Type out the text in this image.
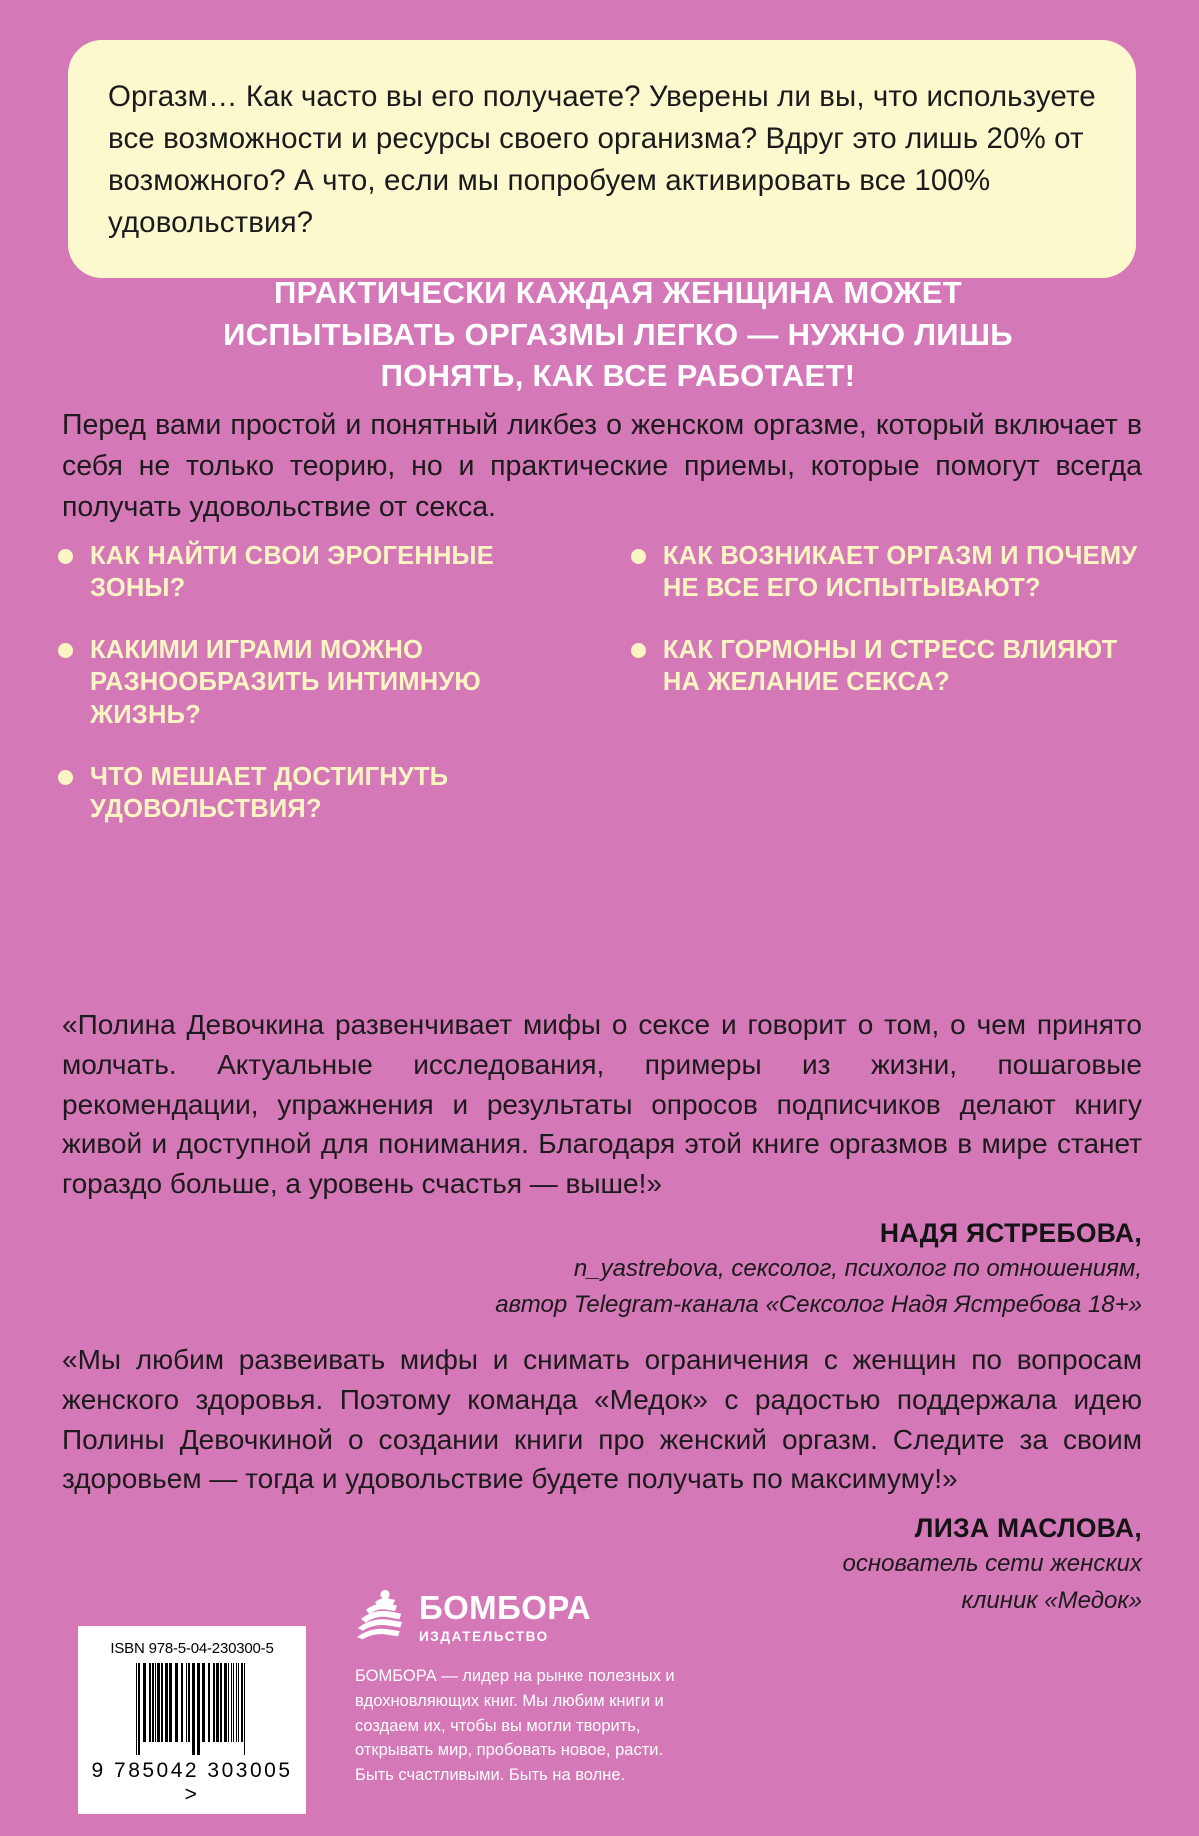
Оргазм… Как часто вы его получаете? Уверены ли вы, что используете все возможности и ресурсы своего организма? Вдруг это лишь 20% от возможного? А что, если мы попробуем активировать все 100% удовольствия?
ПРАКТИЧЕСКИ КАЖДАЯ ЖЕНЩИНА МОЖЕТ
ИСПЫТЫВАТЬ ОРГАЗМЫ ЛЕГКО — НУЖНО ЛИШЬ
ПОНЯТЬ, КАК ВСЕ РАБОТАЕТ!
Перед вами простой и понятный ликбез о женском оргазме, который включает в себя не только теорию, но и практические приемы, которые помогут всегда получать удовольствие от секса.
КАК НАЙТИ СВОИ ЭРОГЕННЫЕ ЗОНЫ?
КАКИМИ ИГРАМИ МОЖНО РАЗНООБРАЗИТЬ ИНТИМНУЮ ЖИЗНЬ?
ЧТО МЕШАЕТ ДОСТИГНУТЬ УДОВОЛЬСТВИЯ?
КАК ВОЗНИКАЕТ ОРГАЗМ И ПОЧЕМУ НЕ ВСЕ ЕГО ИСПЫТЫВАЮТ?
КАК ГОРМОНЫ И СТРЕСС ВЛИЯЮТ НА ЖЕЛАНИЕ СЕКСА?
«Полина Девочкина развенчивает мифы о сексе и говорит о том, о чем принято молчать. Актуальные исследования, примеры из жизни, пошаговые рекомендации, упражнения и результаты опросов подписчиков делают книгу живой и доступной для понимания. Благодаря этой книге оргазмов в мире станет гораздо больше, а уровень счастья — выше!»
НАДЯ ЯСТРЕБОВА,
n_yastrebova, сексолог, психолог по отношениям,
автор Telegram-канала «Сексолог Надя Ястребова 18+»
«Мы любим развеивать мифы и снимать ограничения с женщин по вопросам женского здоровья. Поэтому команда «Медок» с радостью поддержала идею Полины Девочкиной о создании книги про женский оргазм. Следите за своим здоровьем — тогда и удовольствие будете получать по максимуму!»
ЛИЗА МАСЛОВА,
основатель сети женских
клиник «Медок»
ISBN 978-5-04-230300-5
9 785042 303005 >
БОМБОРА
ИЗДАТЕЛЬСТВО
БОМБОРА — лидер на рынке полезных и вдохновляющих книг. Мы любим книги и создаем их, чтобы вы могли творить, открывать мир, пробовать новое, расти. Быть счастливыми. Быть на волне.
